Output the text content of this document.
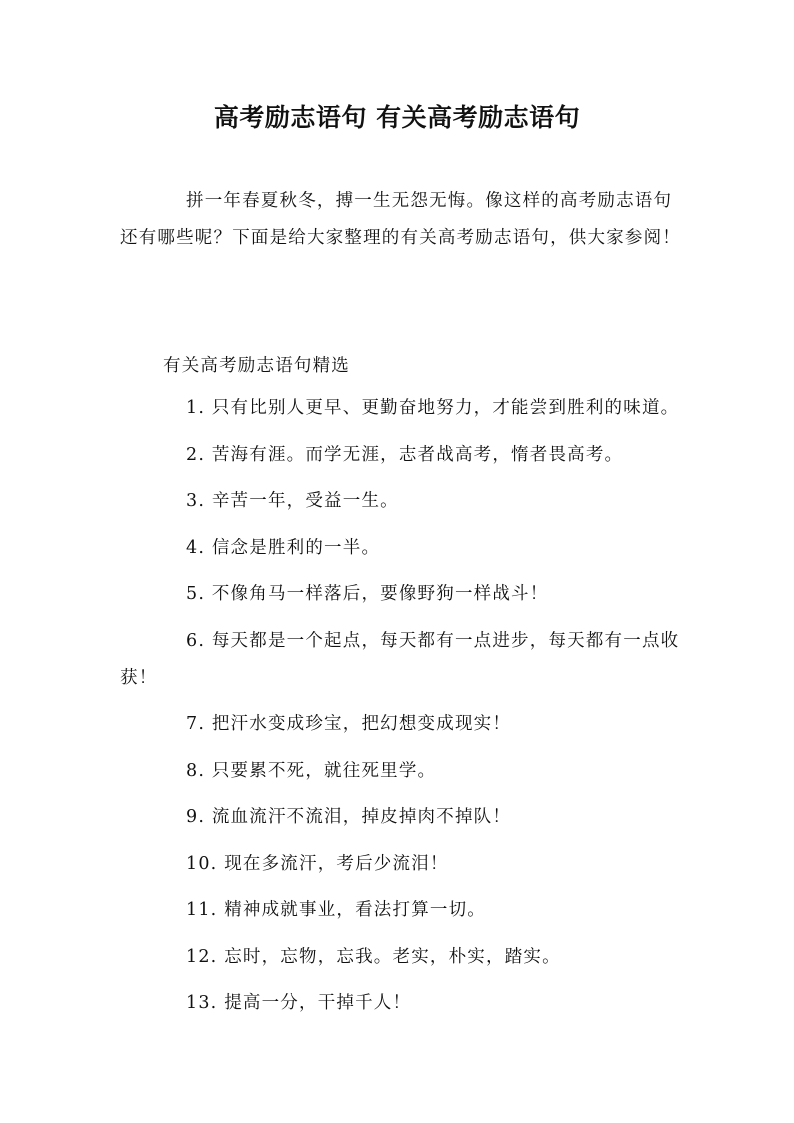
高考励志语句 有关高考励志语句
拼一年春夏秋冬，搏一生无怨无悔。像这样的高考励志语句还有哪些呢？下面是给大家整理的有关高考励志语句，供大家参阅！
有关高考励志语句精选
1. 只有比别人更早、更勤奋地努力，才能尝到胜利的味道。
2. 苦海有涯。而学无涯，志者战高考，惰者畏高考。
3. 辛苦一年，受益一生。
4. 信念是胜利的一半。
5. 不像角马一样落后，要像野狗一样战斗！
6. 每天都是一个起点，每天都有一点进步，每天都有一点收获！
7. 把汗水变成珍宝，把幻想变成现实！
8. 只要累不死，就往死里学。
9. 流血流汗不流泪，掉皮掉肉不掉队！
10. 现在多流汗，考后少流泪！
11. 精神成就事业，看法打算一切。
12. 忘时，忘物，忘我。老实，朴实，踏实。
13. 提高一分，干掉千人！
